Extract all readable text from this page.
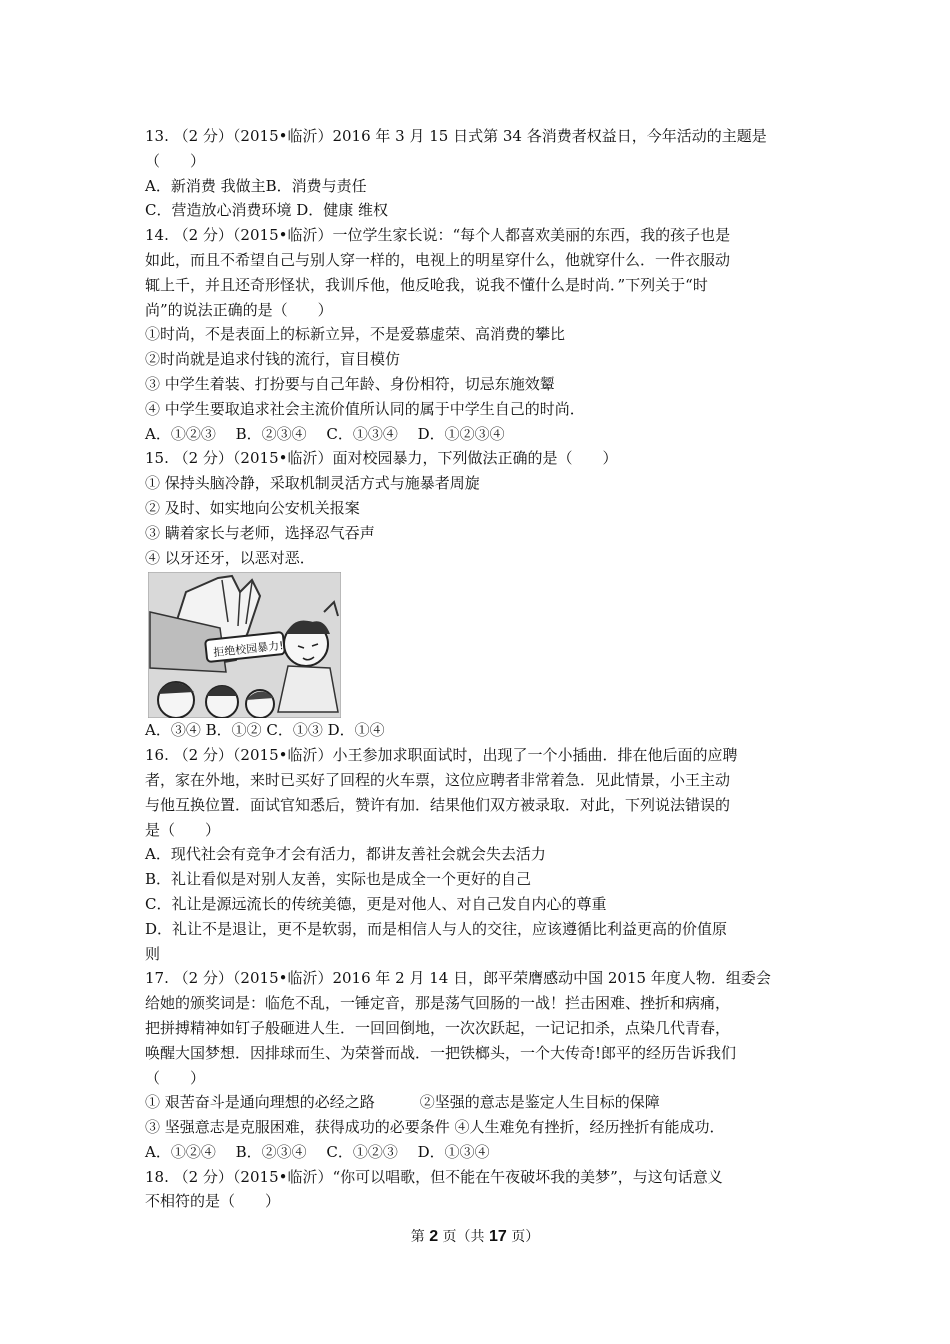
13. （2 分）（2015•临沂）2016 年 3 月 15 日式第 34 各消费者权益日，今年活动的主题是
（　　）
A．新消费 我做主B．消费与责任
C．营造放心消费环境 D．健康 维权
14. （2 分）（2015•临沂）一位学生家长说：“每个人都喜欢美丽的东西，我的孩子也是
如此，而且不希望自己与别人穿一样的，电视上的明星穿什么，他就穿什么．一件衣服动
辄上千，并且还奇形怪状，我训斥他，他反呛我，说我不懂什么是时尚．”下列关于“时
尚”的说法正确的是（　　）
①时尚，不是表面上的标新立异，不是爱慕虚荣、高消费的攀比
②时尚就是追求付钱的流行，盲目模仿
③ 中学生着装、打扮要与自己年龄、身份相符，切忌东施效颦
④ 中学生要取追求社会主流价值所认同的属于中学生自己的时尚．
A．①②③　 B．②③④　 C．①③④　 D．①②③④
15. （2 分）（2015•临沂）面对校园暴力，下列做法正确的是（　　）
① 保持头脑冷静，采取机制灵活方式与施暴者周旋
② 及时、如实地向公安机关报案
③ 瞒着家长与老师，选择忍气吞声
④ 以牙还牙，以恶对恶．
拒绝校园暴力!
A．③④ B．①② C．①③ D．①④
16. （2 分）（2015•临沂）小王参加求职面试时，出现了一个小插曲．排在他后面的应聘
者，家在外地，来时已买好了回程的火车票，这位应聘者非常着急．见此情景，小王主动
与他互换位置．面试官知悉后，赞许有加．结果他们双方被录取．对此，下列说法错误的
是（　　）
A．现代社会有竞争才会有活力，都讲友善社会就会失去活力
B．礼让看似是对别人友善，实际也是成全一个更好的自己
C．礼让是源远流长的传统美德，更是对他人、对自己发自内心的尊重
D．礼让不是退让，更不是软弱，而是相信人与人的交往，应该遵循比利益更高的价值原
则
17. （2 分）（2015•临沂）2016 年 2 月 14 日，郎平荣膺感动中国 2015 年度人物．组委会
给她的颁奖词是：临危不乱，一锤定音，那是荡气回肠的一战！拦击困难、挫折和病痛，
把拼搏精神如钉子般砸进人生．一回回倒地，一次次跃起，一记记扣杀，点染几代青春，
唤醒大国梦想．因排球而生、为荣誉而战．一把铁榔头，一个大传奇!郎平的经历告诉我们
（　　）
① 艰苦奋斗是通向理想的必经之路　　　②坚强的意志是鉴定人生目标的保障
③ 坚强意志是克服困难，获得成功的必要条件 ④人生难免有挫折，经历挫折有能成功．
A．①②④　 B．②③④　 C．①②③　 D．①③④
18. （2 分）（2015•临沂）“你可以唱歌，但不能在午夜破坏我的美梦”，与这句话意义
不相符的是（　　）
第 2 页（共 17 页）
